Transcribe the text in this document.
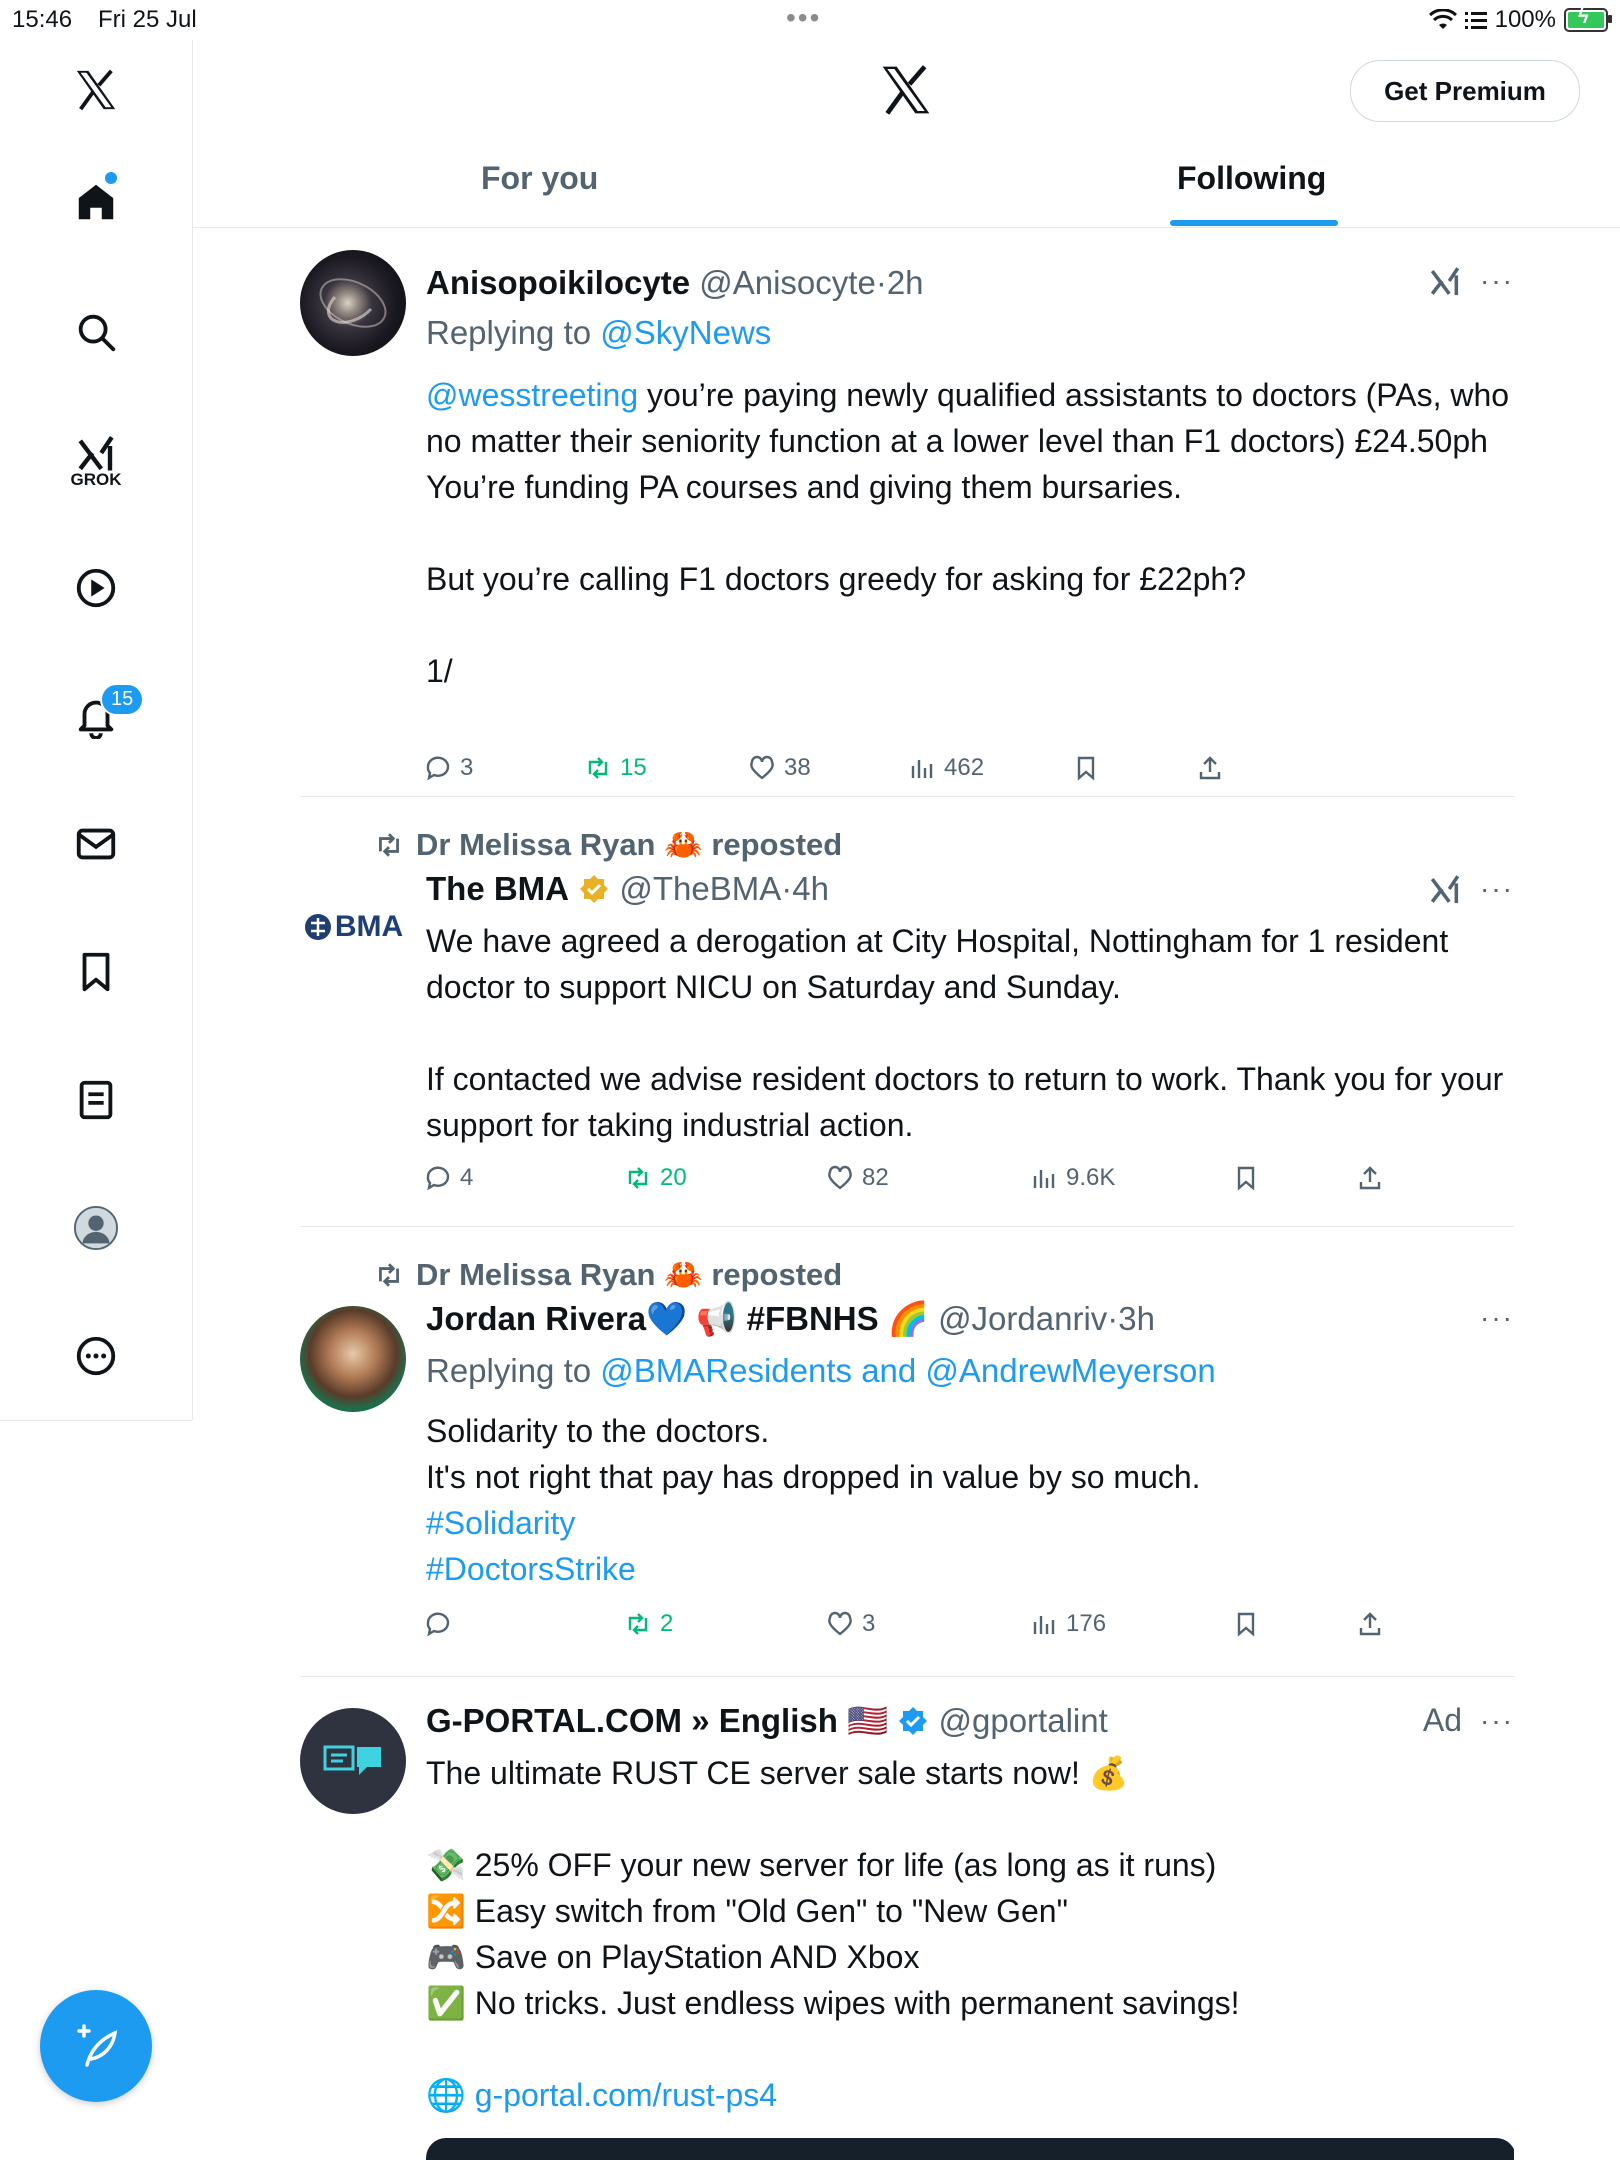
15:46 Fri 25 Jul	•••	100% ϟ
GROK
15
Anisopoikilocyte @Anisocyte·2h	···
Replying to @SkyNews
@wesstreeting you’re paying newly qualified assistants to doctors (PAs, who no matter their seniority function at a lower level than F1 doctors) £24.50ph
You’re funding PA courses and giving them bursaries.

But you’re calling F1 doctors greedy for asking for £22ph?

1/
3	15	38	462
Dr Melissa Ryan 🦀 reposted
BMA
The BMA @TheBMA·4h	···
We have agreed a derogation at City Hospital, Nottingham for 1 resident doctor to support NICU on Saturday and Sunday.

If contacted we advise resident doctors to return to work. Thank you for your support for taking industrial action.
4	20	82	9.6K
Dr Melissa Ryan 🦀 reposted
Jordan Rivera💙 📢 #FBNHS 🌈 @Jordanriv·3h	···
Replying to @BMAResidents and @AndrewMeyerson
Solidarity to the doctors.
It's not right that pay has dropped in value by so much.
#Solidarity
#DoctorsStrike
2	3	176
G-PORTAL.COM » English 🇺🇸 @gportalint	Ad ···
The ultimate RUST CE server sale starts now! 💰

💸 25% OFF your new server for life (as long as it runs)
🔀 Easy switch from "Old Gen" to "New Gen"
🎮 Save on PlayStation AND Xbox
✅ No tricks. Just endless wipes with permanent savings!
🌐 g-portal.com/rust-ps4
Get Premium
For you	Following
